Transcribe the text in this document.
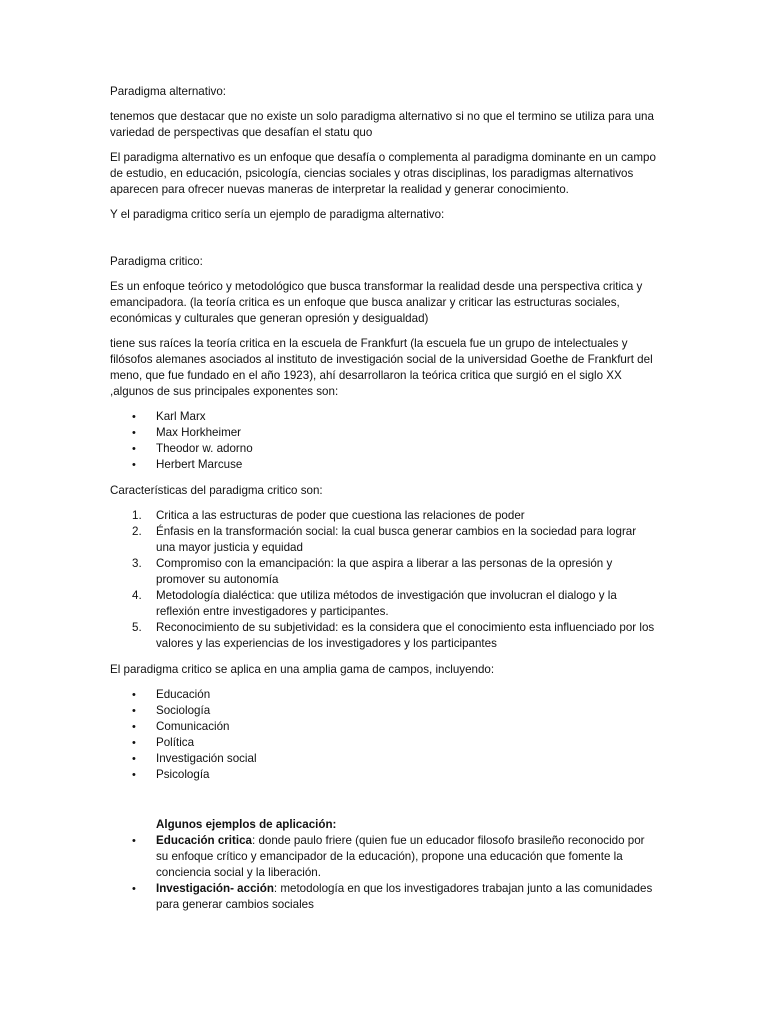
Paradigma alternativo:

tenemos que destacar que no existe un solo paradigma alternativo si no que el termino se utiliza para una variedad de perspectivas que desafían el statu quo

El paradigma alternativo es un enfoque que desafía o complementa al paradigma dominante en un campo de estudio, en educación, psicología, ciencias sociales y otras disciplinas, los paradigmas alternativos aparecen para ofrecer nuevas maneras de interpretar la realidad y generar conocimiento.

Y el paradigma critico sería un ejemplo de paradigma alternativo:

Paradigma critico:

Es un enfoque teórico y metodológico que busca transformar la realidad desde una perspectiva critica y emancipadora. (la teoría critica es un enfoque que busca analizar y criticar las estructuras sociales, económicas y culturales que generan opresión y desigualdad)

tiene sus raíces la teoría critica en la escuela de Frankfurt (la escuela fue un grupo de intelectuales y filósofos alemanes asociados al instituto de investigación social de la universidad Goethe de Frankfurt del meno, que fue fundado en el año 1923), ahí desarrollaron la teórica critica que surgió en el siglo XX ,algunos de sus principales exponentes son:

• Karl Marx
• Max Horkheimer
• Theodor w. adorno
• Herbert Marcuse

Características del paradigma critico son:

1. Critica a las estructuras de poder que cuestiona las relaciones de poder
2. Énfasis en la transformación social: la cual busca generar cambios en la sociedad para lograr una mayor justicia y equidad
3. Compromiso con la emancipación: la que aspira a liberar a las personas de la opresión y promover su autonomía
4. Metodología dialéctica: que utiliza métodos de investigación que involucran el dialogo y la reflexión entre investigadores y participantes.
5. Reconocimiento de su subjetividad: es la considera que el conocimiento esta influenciado por los valores y las experiencias de los investigadores y los participantes

El paradigma critico se aplica en una amplia gama de campos, incluyendo:

• Educación
• Sociología
• Comunicación
• Política
• Investigación social
• Psicología

Algunos ejemplos de aplicación:

• Educación critica: donde paulo friere (quien fue un educador filosofo brasileño reconocido por su enfoque crítico y emancipador de la educación), propone una educación que fomente la conciencia social y la liberación.
• Investigación- acción: metodología en que los investigadores trabajan junto a las comunidades para generar cambios sociales
